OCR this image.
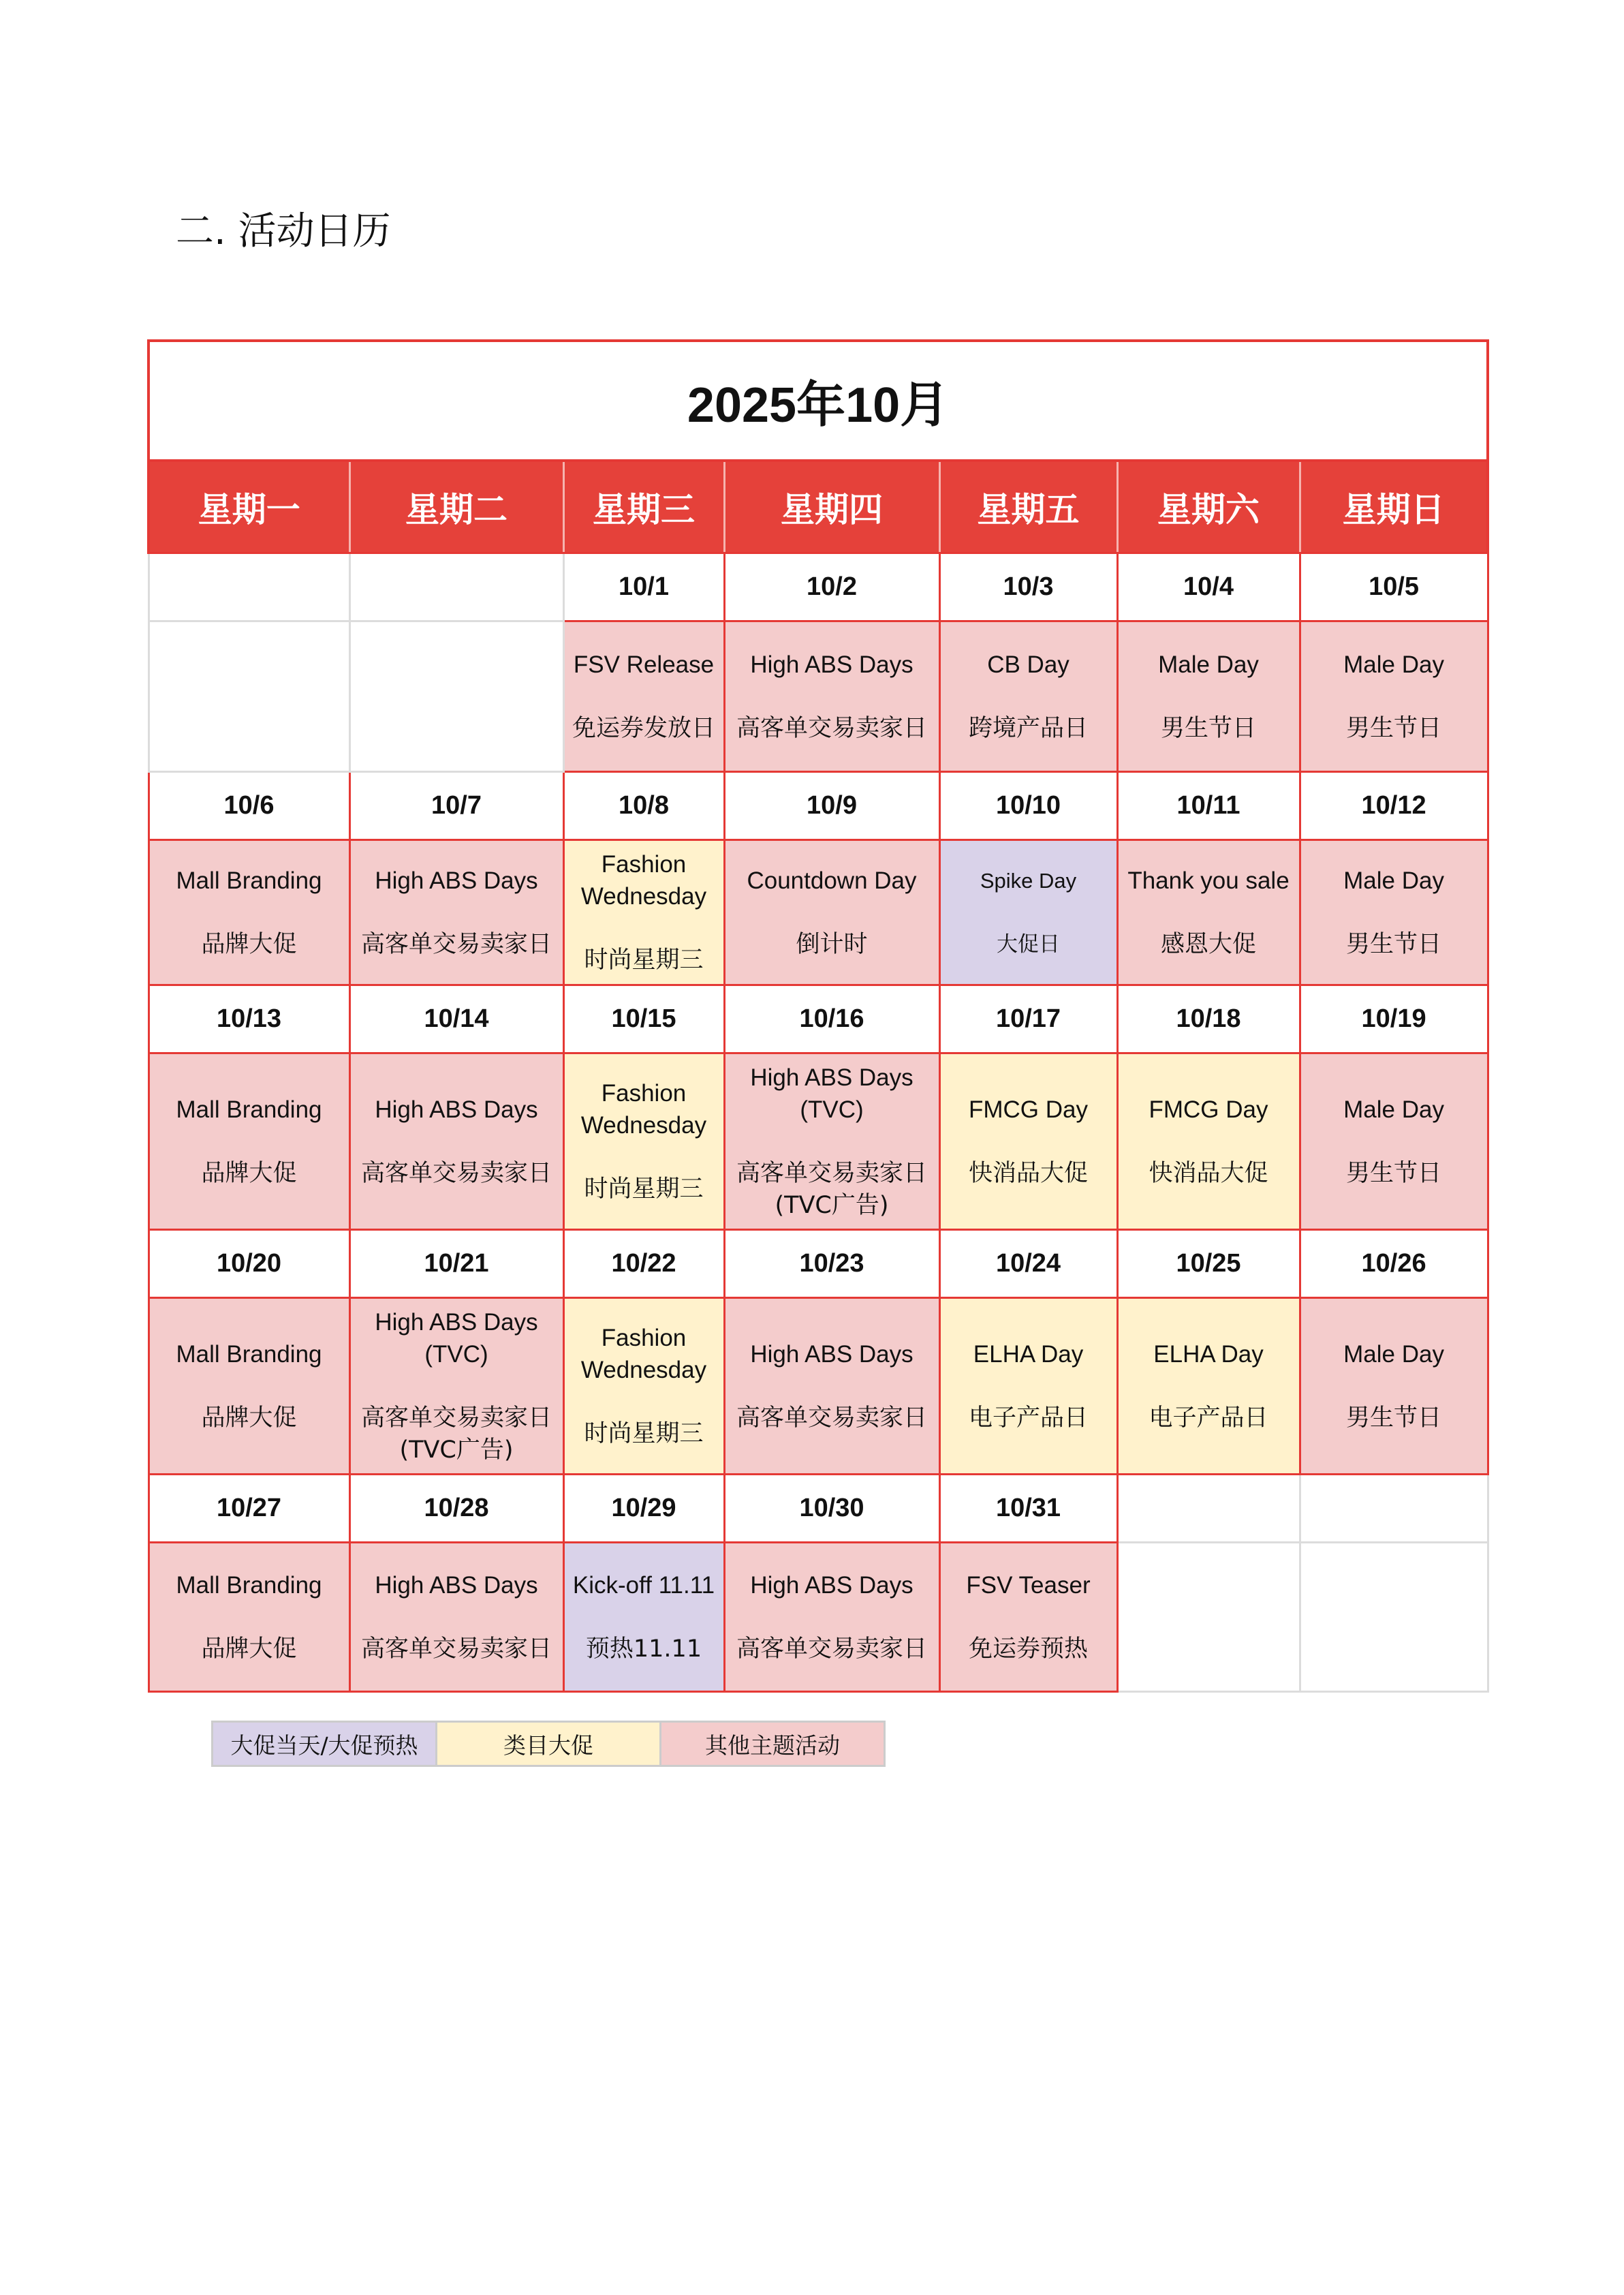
二. 活动日历
2025年10月						
星期一	星期二	星期三	星期四	星期五	星期六	星期日
		10/1	10/2	10/3	10/4	10/5

		FSV Release
免运券发放日	High ABS Days
高客单交易卖家日	CB Day
跨境产品日	Male Day
男生节日	Male Day
男生节日

10/6	10/7	10/8	10/9	10/10	10/11	10/12

Mall Branding
品牌大促	High ABS Days
高客单交易卖家日	Fashion
Wednesday
时尚星期三	Countdown Day
倒计时	Spike Day
大促日	Thank you sale
感恩大促	Male Day
男生节日

10/13	10/14	10/15	10/16	10/17	10/18	10/19

Mall Branding
品牌大促	High ABS Days
高客单交易卖家日	Fashion
Wednesday
时尚星期三	High ABS Days
(TVC)
高客单交易卖家日
(TVC广告)	FMCG Day
快消品大促	FMCG Day
快消品大促	Male Day
男生节日

10/20	10/21	10/22	10/23	10/24	10/25	10/26

Mall Branding
品牌大促	High ABS Days
(TVC)
高客单交易卖家日
(TVC广告)	Fashion
Wednesday
时尚星期三	High ABS Days
高客单交易卖家日	ELHA Day
电子产品日	ELHA Day
电子产品日	Male Day
男生节日

10/27	10/28	10/29	10/30	10/31		

Mall Branding
品牌大促	High ABS Days
高客单交易卖家日	Kick-off 11.11
预热11.11	High ABS Days
高客单交易卖家日	FSV Teaser
免运券预热		

大促当天/大促预热	类目大促	其他主题活动
